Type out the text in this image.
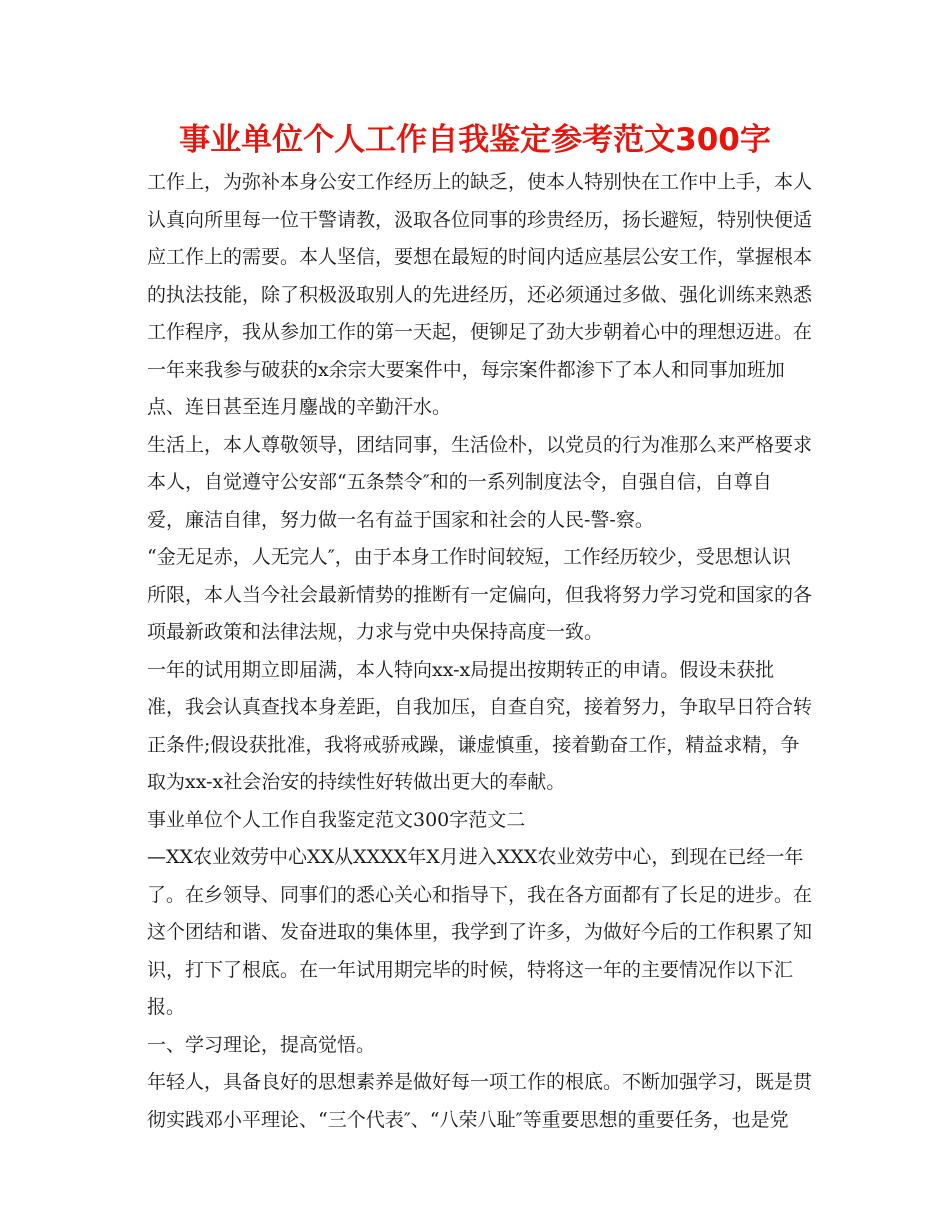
事业单位个人工作自我鉴定参考范文300字

工作上，为弥补本身公安工作经历上的缺乏，使本人特别快在工作中上手，本人
认真向所里每一位干警请教，汲取各位同事的珍贵经历，扬长避短，特别快便适
应工作上的需要。本人坚信，要想在最短的时间内适应基层公安工作，掌握根本
的执法技能，除了积极汲取别人的先进经历，还必须通过多做、强化训练来熟悉
工作程序，我从参加工作的第一天起，便铆足了劲大步朝着心中的理想迈进。在
一年来我参与破获的x余宗大要案件中，每宗案件都渗下了本人和同事加班加
点、连日甚至连月鏖战的辛勤汗水。

生活上，本人尊敬领导，团结同事，生活俭朴，以党员的行为准那么来严格要求
本人，自觉遵守公安部“五条禁令″和的一系列制度法令，自强自信，自尊自
爱，廉洁自律，努力做一名有益于国家和社会的人民-警-察。

“金无足赤，人无完人″，由于本身工作时间较短，工作经历较少，受思想认识
所限，本人当今社会最新情势的推断有一定偏向，但我将努力学习党和国家的各
项最新政策和法律法规，力求与党中央保持高度一致。

一年的试用期立即届满，本人特向xx-x局提出按期转正的申请。假设未获批
准，我会认真查找本身差距，自我加压，自查自究，接着努力，争取早日符合转
正条件;假设获批准，我将戒骄戒躁，谦虚慎重，接着勤奋工作，精益求精，争
取为xx-x社会治安的持续性好转做出更大的奉献。

事业单位个人工作自我鉴定范文300字范文二

—XX农业效劳中心XX从XXXX年X月进入XXX农业效劳中心，到现在已经一年
了。在乡领导、同事们的悉心关心和指导下，我在各方面都有了长足的进步。在
这个团结和谐、发奋进取的集体里，我学到了许多，为做好今后的工作积累了知
识，打下了根底。在一年试用期完毕的时候，特将这一年的主要情况作以下汇
报。

一、学习理论，提高觉悟。

年轻人，具备良好的思想素养是做好每一项工作的根底。不断加强学习，既是贯
彻实践邓小平理论、“三个代表″、“八荣八耻″等重要思想的重要任务，也是党
